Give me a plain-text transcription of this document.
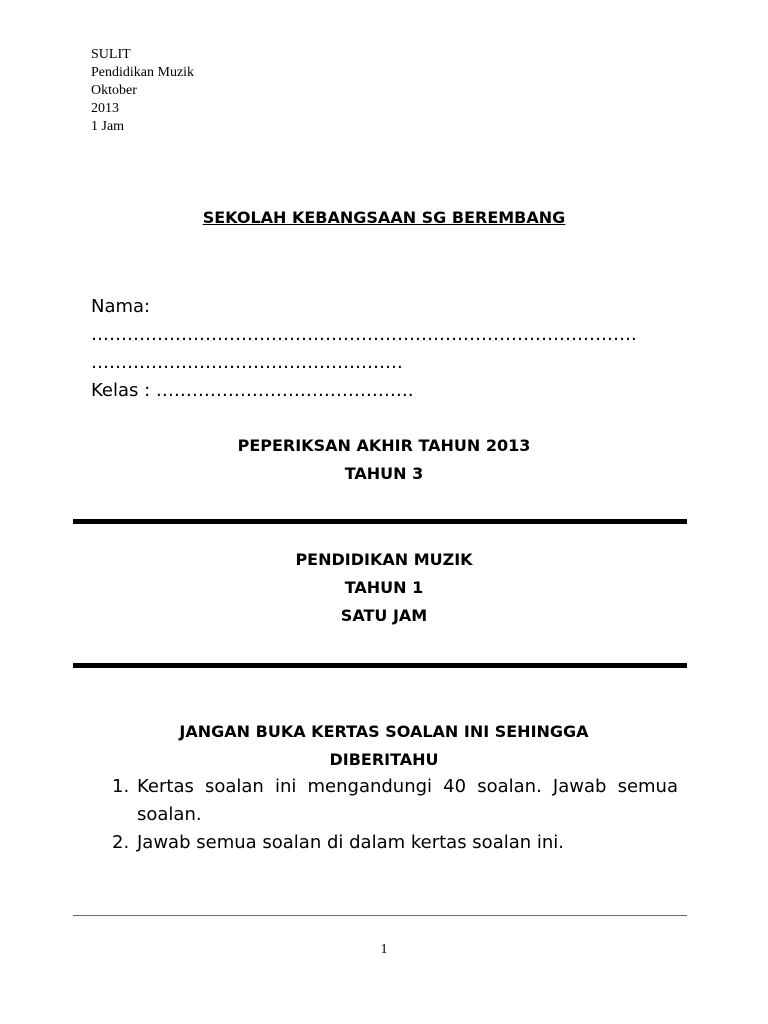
SULIT
Pendidikan Muzik
Oktober
2013
1 Jam
SEKOLAH KEBANGSAAN SG BEREMBANG
Nama:
……………………………………………………………………………….
…………………………………………….
Kelas : …………………………………….
PEPERIKSAN AKHIR TAHUN 2013
TAHUN 3
PENDIDIKAN MUZIK
TAHUN 1
SATU JAM
JANGAN BUKA KERTAS SOALAN INI SEHINGGA
DIBERITAHU
1. Kertas soalan ini mengandungi 40 soalan. Jawab semua soalan.
2. Jawab semua soalan di dalam kertas soalan ini.
1
